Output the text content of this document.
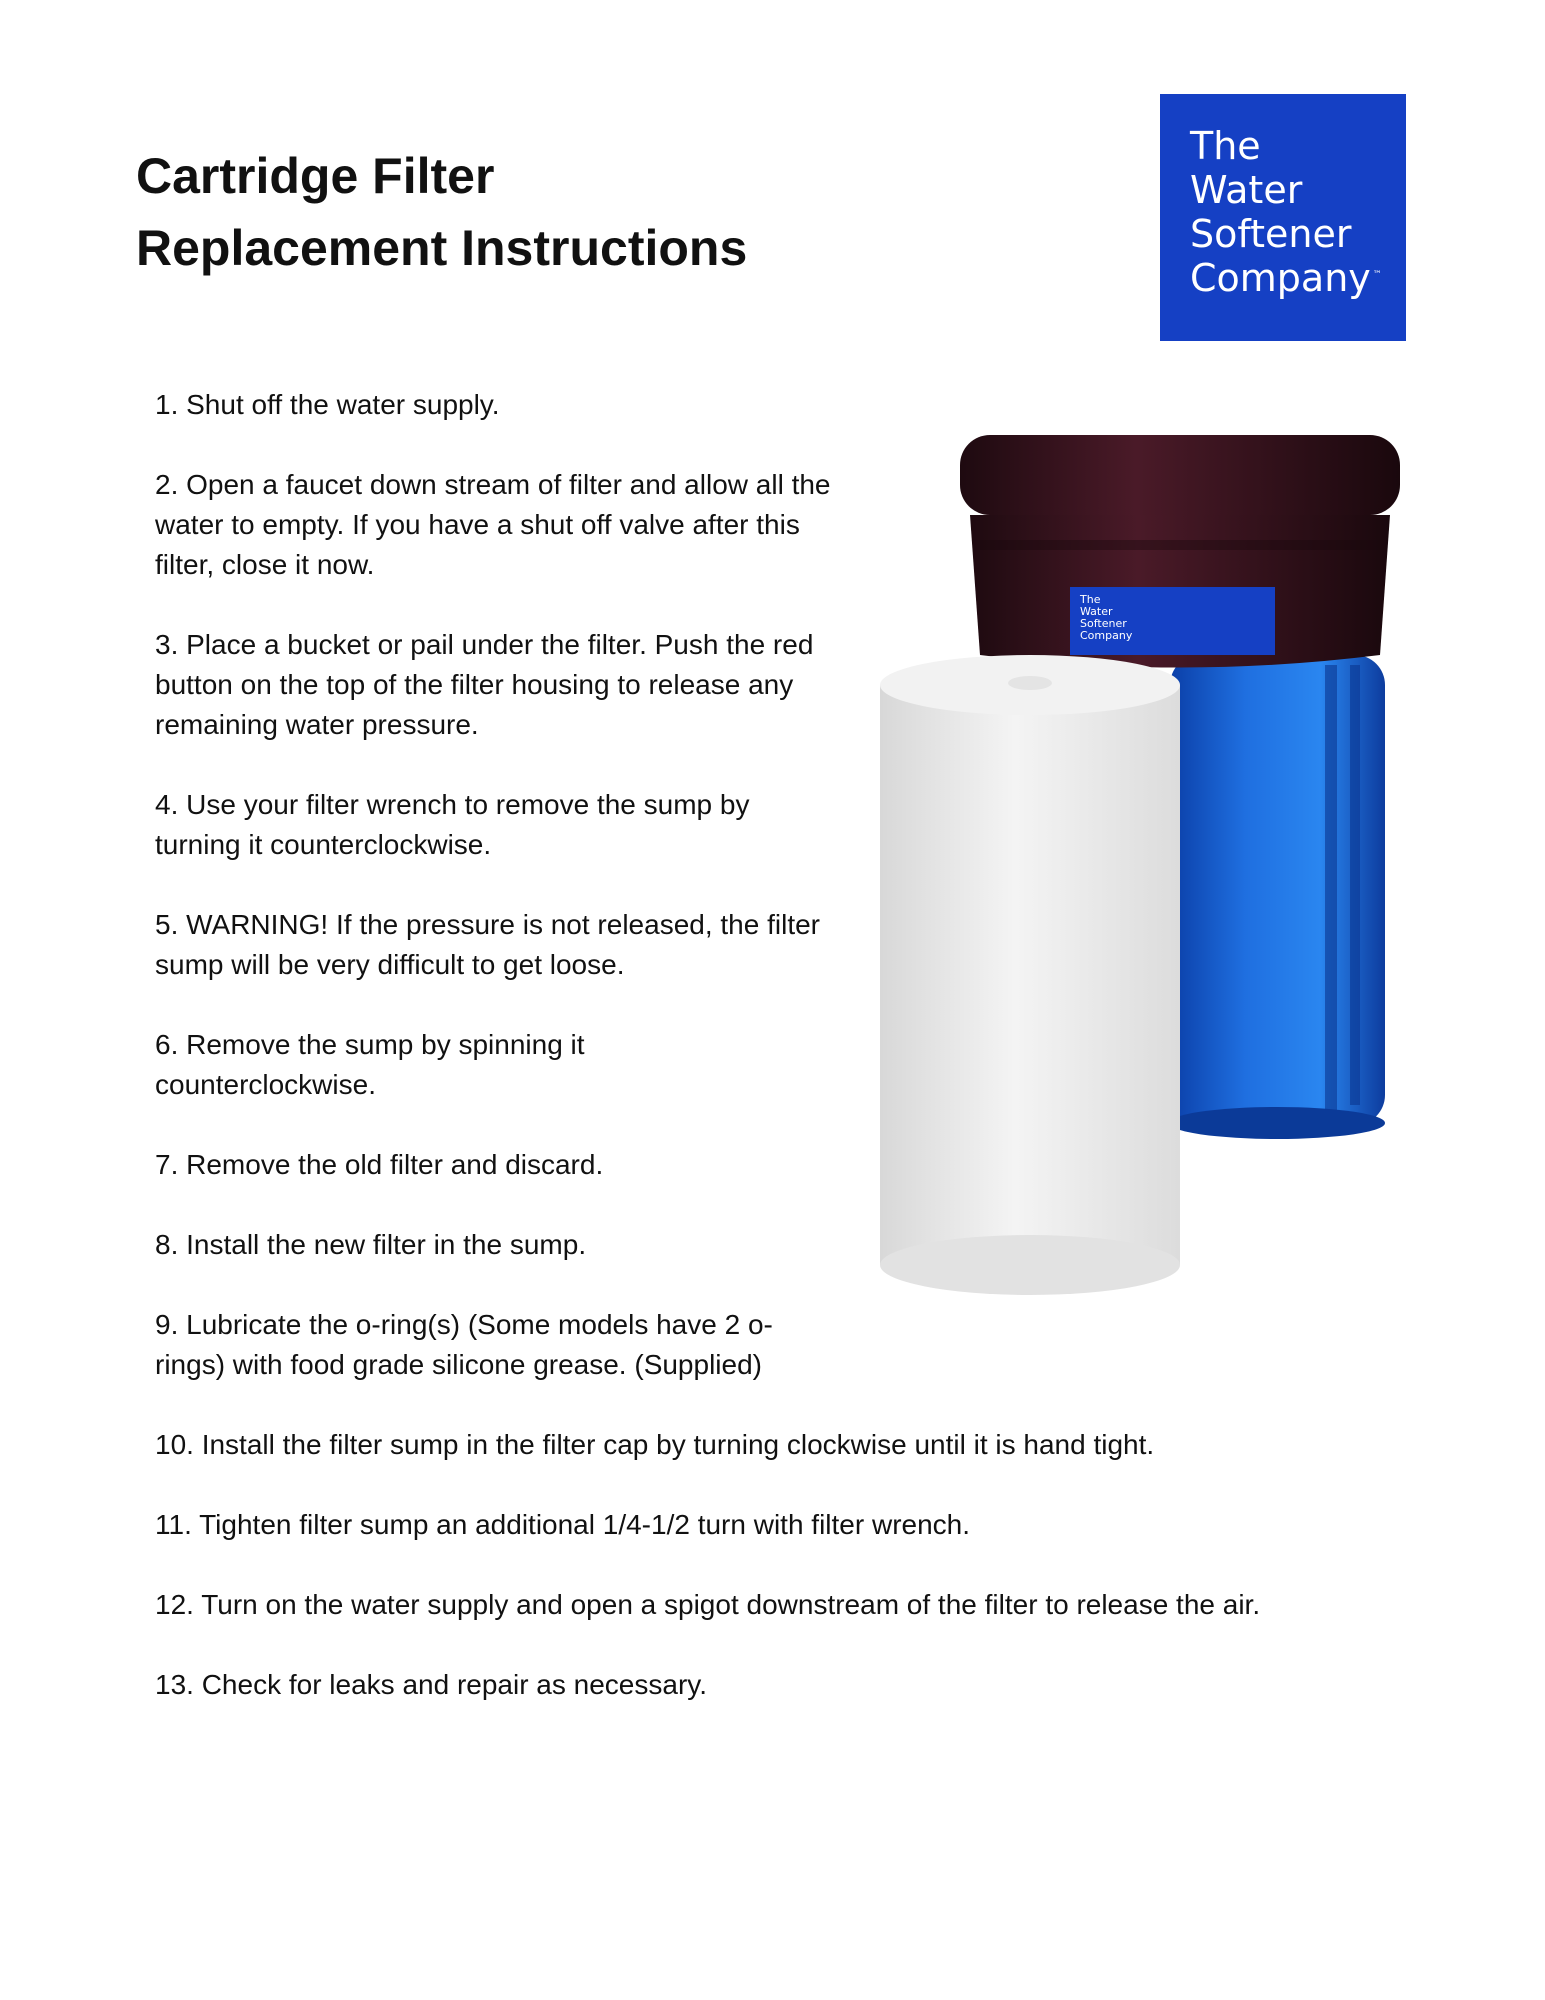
Cartridge Filter
Replacement Instructions
The
Water
Softener
Company ™
1. Shut off the water supply.
2. Open a faucet down stream of filter and allow all the water to empty. If you have a shut off valve after this filter, close it now.
3. Place a bucket or pail under the filter. Push the red button on the top of the filter housing to release any remaining water pressure.
4. Use your filter wrench to remove the sump by turning it counterclockwise.
5. WARNING! If the pressure is not released, the filter sump will be very difficult to get loose.
6. Remove the sump by spinning it counterclockwise.
7. Remove the old filter and discard.
8. Install the new filter in the sump.
9. Lubricate the o-ring(s) (Some models have 2 o-rings) with food grade silicone grease. (Supplied)
10. Install the filter sump in the filter cap by turning clockwise until it is hand tight.
11. Tighten filter sump an additional 1/4-1/2 turn with filter wrench.
12. Turn on the water supply and open a spigot downstream of the filter to release the air.
13. Check for leaks and repair as necessary.
The
Water
Softener
Company
